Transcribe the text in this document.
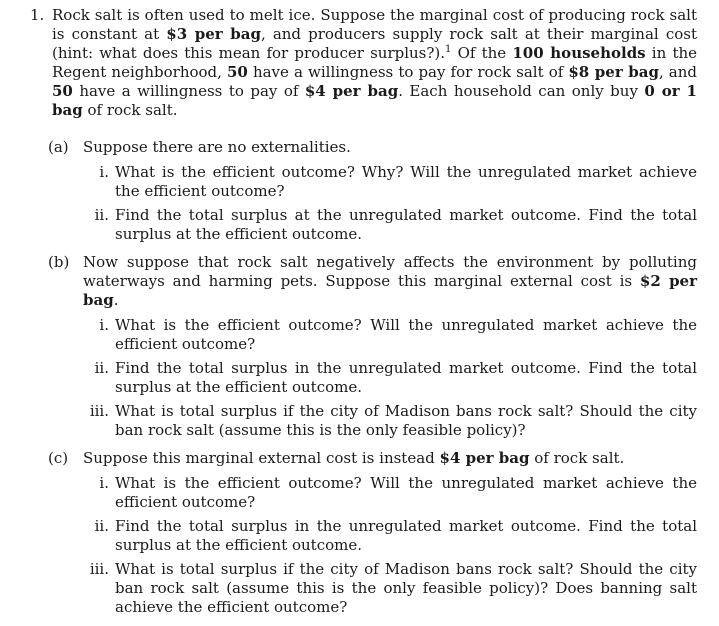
1. Rock salt is often used to melt ice. Suppose the marginal cost of producing rock salt is constant at $3 per bag, and producers supply rock salt at their marginal cost (hint: what does this mean for producer surplus?).$^1$ Of the 100 households in the Regent neighborhood, 50 have a willingness to pay for rock salt of $8 per bag, and 50 have a willingness to pay of $4 per bag. Each household can only buy 0 or 1 bag of rock salt.
(a) Suppose there are no externalities.
i. What is the efficient outcome? Why? Will the unregulated market achieve the efficient outcome?
ii. Find the total surplus at the unregulated market outcome. Find the total surplus at the efficient outcome.
(b) Now suppose that rock salt negatively affects the environment by polluting waterways and harming pets. Suppose this marginal external cost is $2 per bag.
i. What is the efficient outcome? Will the unregulated market achieve the efficient outcome?
ii. Find the total surplus in the unregulated market outcome. Find the total surplus at the efficient outcome.
iii. What is total surplus if the city of Madison bans rock salt? Should the city ban rock salt (assume this is the only feasible policy)?
(c) Suppose this marginal external cost is instead $4 per bag of rock salt.
i. What is the efficient outcome? Will the unregulated market achieve the efficient outcome?
ii. Find the total surplus in the unregulated market outcome. Find the total surplus at the efficient outcome.
iii. What is total surplus if the city of Madison bans rock salt? Should the city ban rock salt (assume this is the only feasible policy)? Does banning salt achieve the efficient outcome?
